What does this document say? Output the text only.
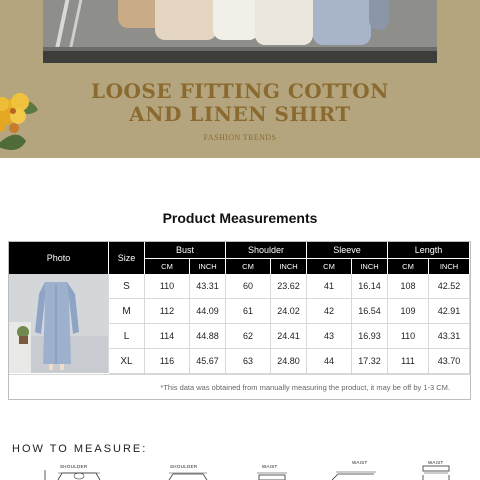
LOOSE FITTING COTTON
AND LINEN SHIRT
FASHION TRENDS
Product Measurements
Photo	Size
Bust	Shoulder	Sleeve	Length
CM	INCH	CM	INCH	CM	INCH	CM	INCH
S	110	43.31	60	23.62	41	16.14	108	42.52
M	112	44.09	61	24.02	42	16.54	109	42.91
L	114	44.88	62	24.41	43	16.93	110	43.31
XL	116	45.67	63	24.80	44	17.32	111	43.70
*This data was obtained from manually measuring the product, it may be off by 1-3 CM.
HOW TO MEASURE:
SHOULDER	SHOULDER	WAIST
WAIST	WAIST
